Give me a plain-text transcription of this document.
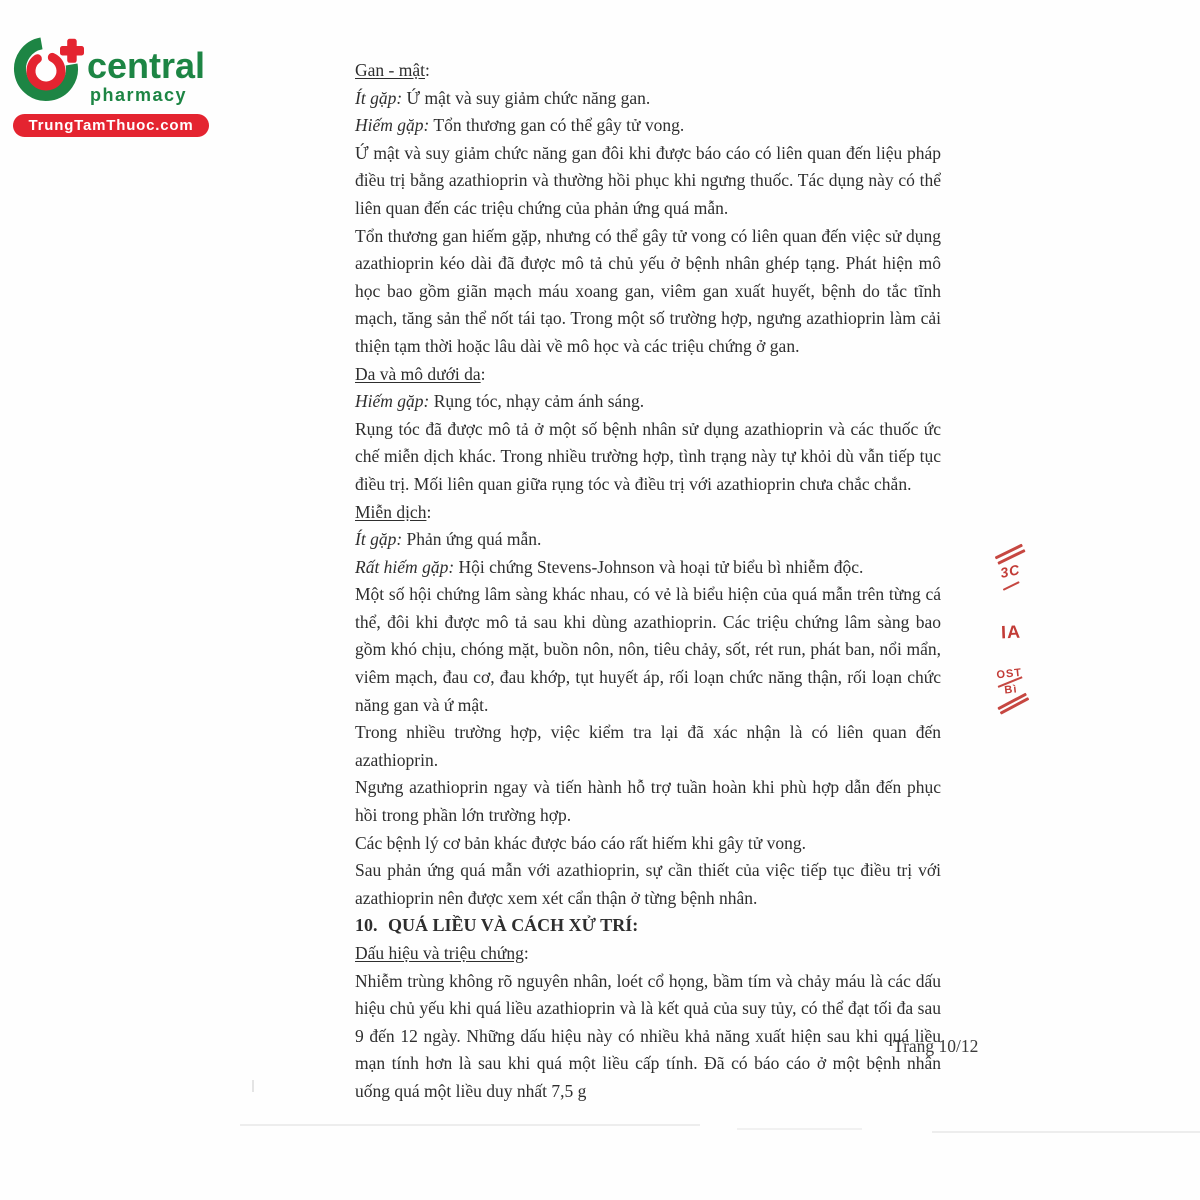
central
pharmacy
TrungTamThuoc.com

Gan - mật:

Ít gặp: Ứ mật và suy giảm chức năng gan.

Hiếm gặp: Tổn thương gan có thể gây tử vong.

Ứ mật và suy giảm chức năng gan đôi khi được báo cáo có liên quan đến liệu pháp điều trị bằng azathioprin và thường hồi phục khi ngưng thuốc. Tác dụng này có thể liên quan đến các triệu chứng của phản ứng quá mẫn.

Tổn thương gan hiếm gặp, nhưng có thể gây tử vong có liên quan đến việc sử dụng azathioprin kéo dài đã được mô tả chủ yếu ở bệnh nhân ghép tạng. Phát hiện mô học bao gồm giãn mạch máu xoang gan, viêm gan xuất huyết, bệnh do tắc tĩnh mạch, tăng sản thể nốt tái tạo. Trong một số trường hợp, ngưng azathioprin làm cải thiện tạm thời hoặc lâu dài về mô học và các triệu chứng ở gan.

Da và mô dưới da:

Hiếm gặp: Rụng tóc, nhạy cảm ánh sáng.

Rụng tóc đã được mô tả ở một số bệnh nhân sử dụng azathioprin và các thuốc ức chế miễn dịch khác. Trong nhiều trường hợp, tình trạng này tự khỏi dù vẫn tiếp tục điều trị. Mối liên quan giữa rụng tóc và điều trị với azathioprin chưa chắc chắn.

Miễn dịch:

Ít gặp: Phản ứng quá mẫn.

Rất hiếm gặp: Hội chứng Stevens-Johnson và hoại tử biểu bì nhiễm độc.

Một số hội chứng lâm sàng khác nhau, có vẻ là biểu hiện của quá mẫn trên từng cá thể, đôi khi được mô tả sau khi dùng azathioprin. Các triệu chứng lâm sàng bao gồm khó chịu, chóng mặt, buồn nôn, nôn, tiêu chảy, sốt, rét run, phát ban, nổi mẩn, viêm mạch, đau cơ, đau khớp, tụt huyết áp, rối loạn chức năng thận, rối loạn chức năng gan và ứ mật.

Trong nhiều trường hợp, việc kiểm tra lại đã xác nhận là có liên quan đến azathioprin.

Ngưng azathioprin ngay và tiến hành hỗ trợ tuần hoàn khi phù hợp dẫn đến phục hồi trong phần lớn trường hợp.

Các bệnh lý cơ bản khác được báo cáo rất hiếm khi gây tử vong.

Sau phản ứng quá mẫn với azathioprin, sự cần thiết của việc tiếp tục điều trị với azathioprin nên được xem xét cẩn thận ở từng bệnh nhân.

10. QUÁ LIỀU VÀ CÁCH XỬ TRÍ:

Dấu hiệu và triệu chứng:

Nhiễm trùng không rõ nguyên nhân, loét cổ họng, bầm tím và chảy máu là các dấu hiệu chủ yếu khi quá liều azathioprin và là kết quả của suy tủy, có thể đạt tối đa sau 9 đến 12 ngày. Những dấu hiệu này có nhiều khả năng xuất hiện sau khi quá liều mạn tính hơn là sau khi quá một liều cấp tính. Đã có báo cáo ở một bệnh nhân uống quá một liều duy nhất 7,5 g

3C
IA
OST
Bì
Trang 10/12
